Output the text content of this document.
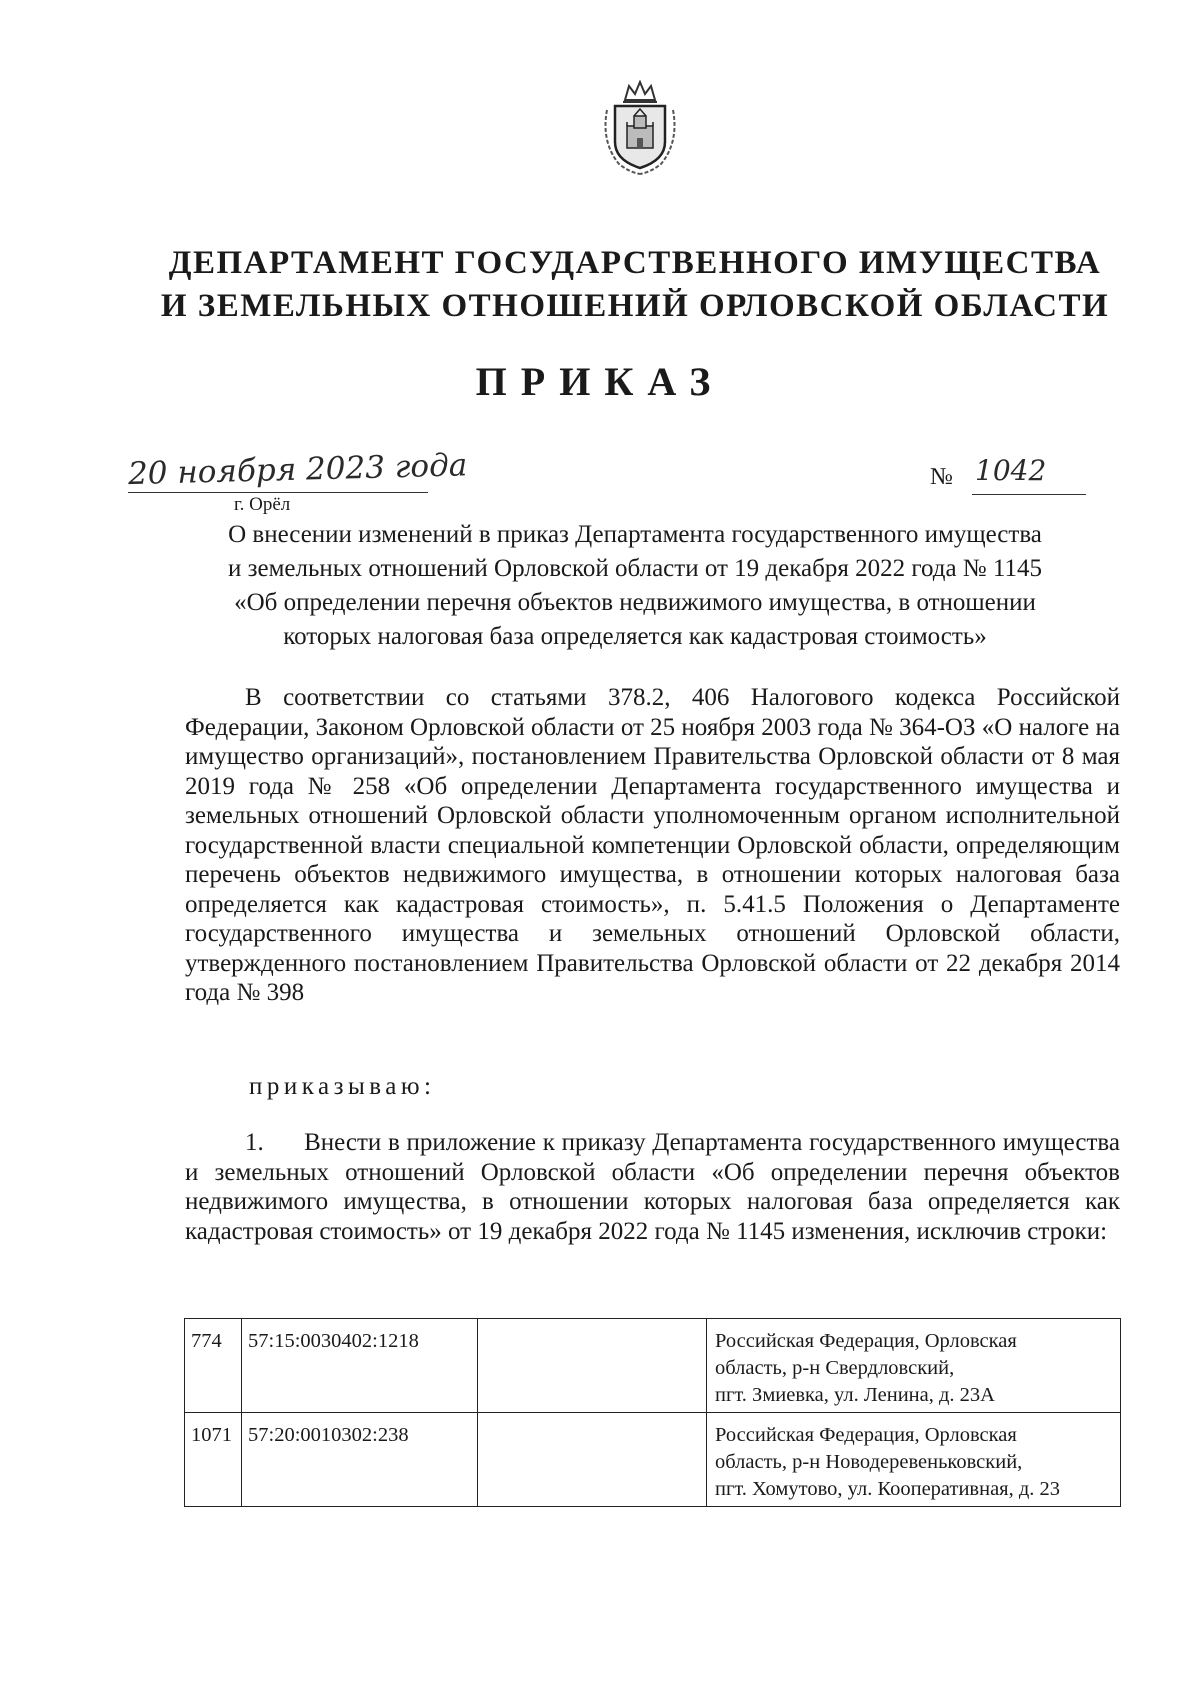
ДЕПАРТАМЕНТ ГОСУДАРСТВЕННОГО ИМУЩЕСТВА
И ЗЕМЕЛЬНЫХ ОТНОШЕНИЙ ОРЛОВСКОЙ ОБЛАСТИ
ПРИКАЗ
20 ноября 2023 года
г. Орёл
№ 1042
О внесении изменений в приказ Департамента государственного имущества
и земельных отношений Орловской области от 19 декабря 2022 года № 1145
«Об определении перечня объектов недвижимого имущества, в отношении
которых налоговая база определяется как кадастровая стоимость»
В соответствии со статьями 378.2, 406 Налогового кодекса Российской Федерации, Законом Орловской области от 25 ноября 2003 года № 364-ОЗ «О налоге на имущество организаций», постановлением Правительства Орловской области от 8 мая 2019 года № 258 «Об определении Департамента государственного имущества и земельных отношений Орловской области уполномоченным органом исполнительной государственной власти специальной компетенции Орловской области, определяющим перечень объектов недвижимого имущества, в отношении которых налоговая база определяется как кадастровая стоимость», п. 5.41.5 Положения о Департаменте государственного имущества и земельных отношений Орловской области, утвержденного постановлением Правительства Орловской области от 22 декабря 2014 года № 398
приказываю:
1.      Внести в приложение к приказу Департамента государственного имущества и земельных отношений Орловской области «Об определении перечня объектов недвижимого имущества, в отношении которых налоговая база определяется как кадастровая стоимость» от 19 декабря 2022 года № 1145 изменения, исключив строки:
774	57:15:0030402:1218		Российская Федерация, Орловская
область, р-н Свердловский,
пгт. Змиевка, ул. Ленина, д. 23А

1071	57:20:0010302:238		Российская Федерация, Орловская
область, р-н Новодеревеньковский,
пгт. Хомутово, ул. Кооперативная, д. 23
